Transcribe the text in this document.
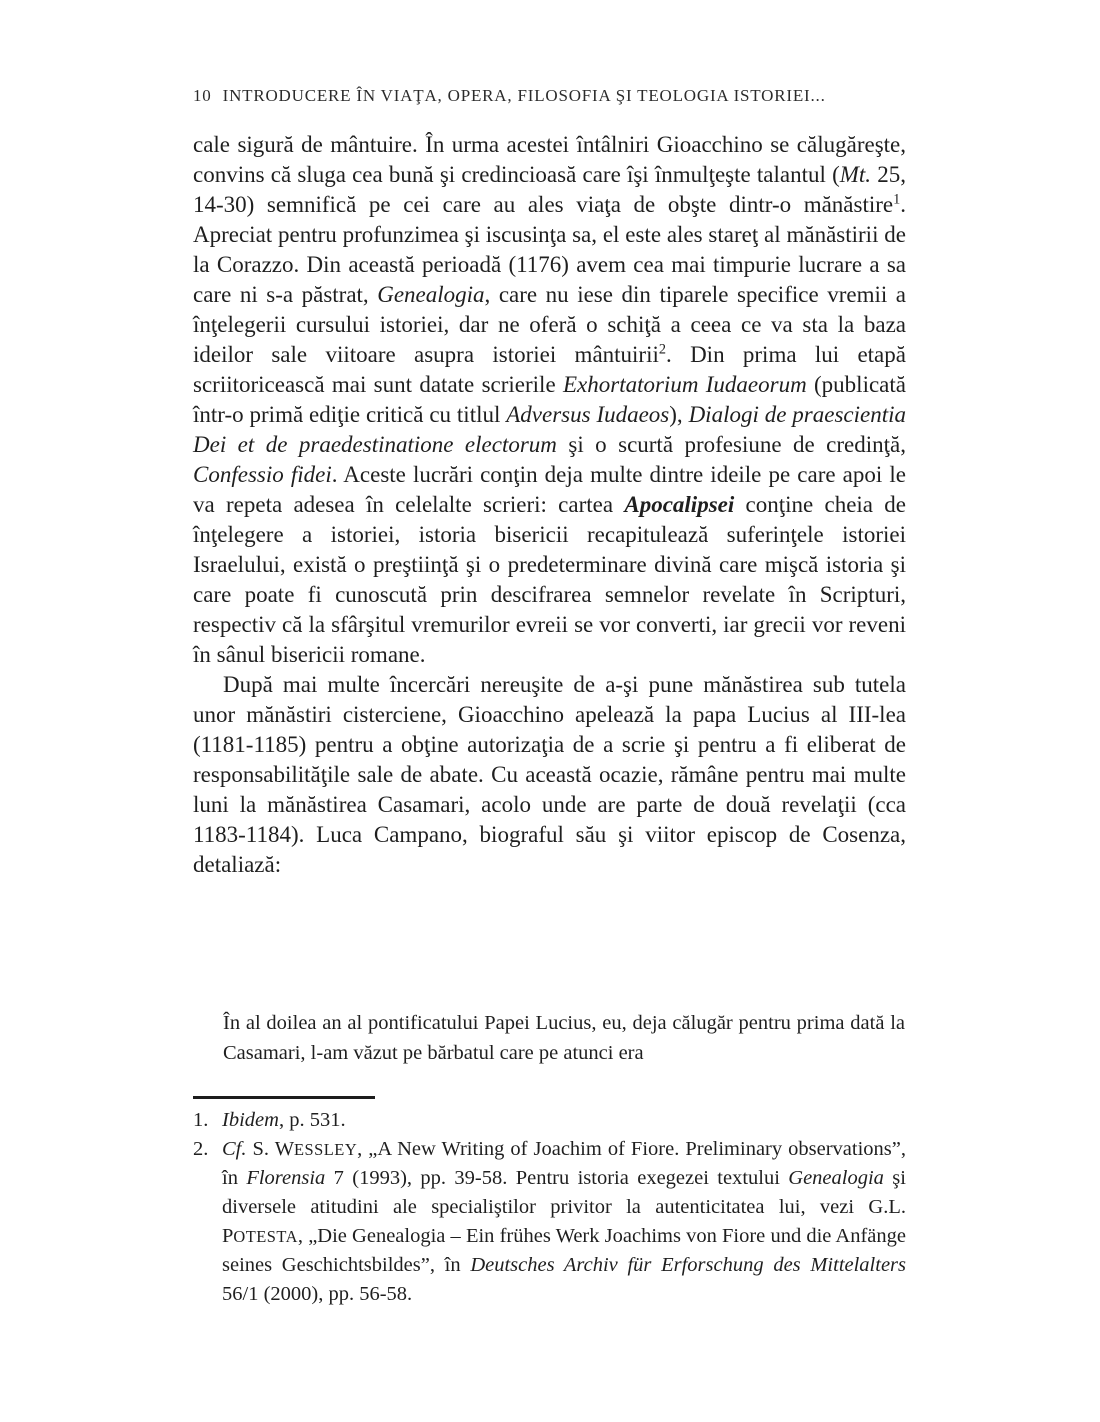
10 INTRODUCERE ÎN VIAŢA, OPERA, FILOSOFIA ŞI TEOLOGIA ISTORIEI...

cale sigură de mântuire. În urma acestei întâlniri Gioacchino se călugăreşte, convins că sluga cea bună şi credincioasă care îşi înmulţeşte talantul (Mt. 25, 14-30) semnifică pe cei care au ales viaţa de obşte dintr-o mănăstire$^1$. Apreciat pentru profunzimea şi iscusinţa sa, el este ales stareţ al mănăstirii de la Corazzo. Din această perioadă (1176) avem cea mai timpurie lucrare a sa care ni s-a păstrat, Genealogia, care nu iese din tiparele specifice vremii a înţelegerii cursului istoriei, dar ne oferă o schiţă a ceea ce va sta la baza ideilor sale viitoare asupra istoriei mântuirii$^2$. Din prima lui etapă scriitoricească mai sunt datate scrierile Exhortatorium Iudaeorum (publicată într-o primă ediţie critică cu titlul Adversus Iudaeos), Dialogi de praescientia Dei et de praedestinatione electorum şi o scurtă profesiune de credinţă, Confessio fidei. Aceste lucrări conţin deja multe dintre ideile pe care apoi le va repeta adesea în celelalte scrieri: cartea Apocalipsei conţine cheia de înţelegere a istoriei, istoria bisericii recapitulează suferinţele istoriei Israelului, există o preştiinţă şi o predeterminare divină care mişcă istoria şi care poate fi cunoscută prin descifrarea semnelor revelate în Scripturi, respectiv că la sfârşitul vremurilor evreii se vor converti, iar grecii vor reveni în sânul bisericii romane.

După mai multe încercări nereuşite de a-şi pune mănăstirea sub tutela unor mănăstiri cisterciene, Gioacchino apelează la papa Lucius al III-lea (1181-1185) pentru a obţine autorizaţia de a scrie şi pentru a fi eliberat de responsabilităţile sale de abate. Cu această ocazie, rămâne pentru mai multe luni la mănăstirea Casamari, acolo unde are parte de două revelaţii (cca 1183-1184). Luca Campano, biograful său şi viitor episcop de Cosenza, detaliază:

În al doilea an al pontificatului Papei Lucius, eu, deja călugăr pentru prima dată la Casamari, l-am văzut pe bărbatul care pe atunci era

1. Ibidem, p. 531.

2. Cf. S. WESSLEY, „A New Writing of Joachim of Fiore. Preliminary observations”, în Florensia 7 (1993), pp. 39-58. Pentru istoria exegezei textului Genealogia şi diversele atitudini ale specialiştilor privitor la autenticitatea lui, vezi G.L. POTESTA, „Die Genealogia – Ein frühes Werk Joachims von Fiore und die Anfänge seines Geschichtsbildes”, în Deutsches Archiv für Erforschung des Mittelalters 56/1 (2000), pp. 56-58.
